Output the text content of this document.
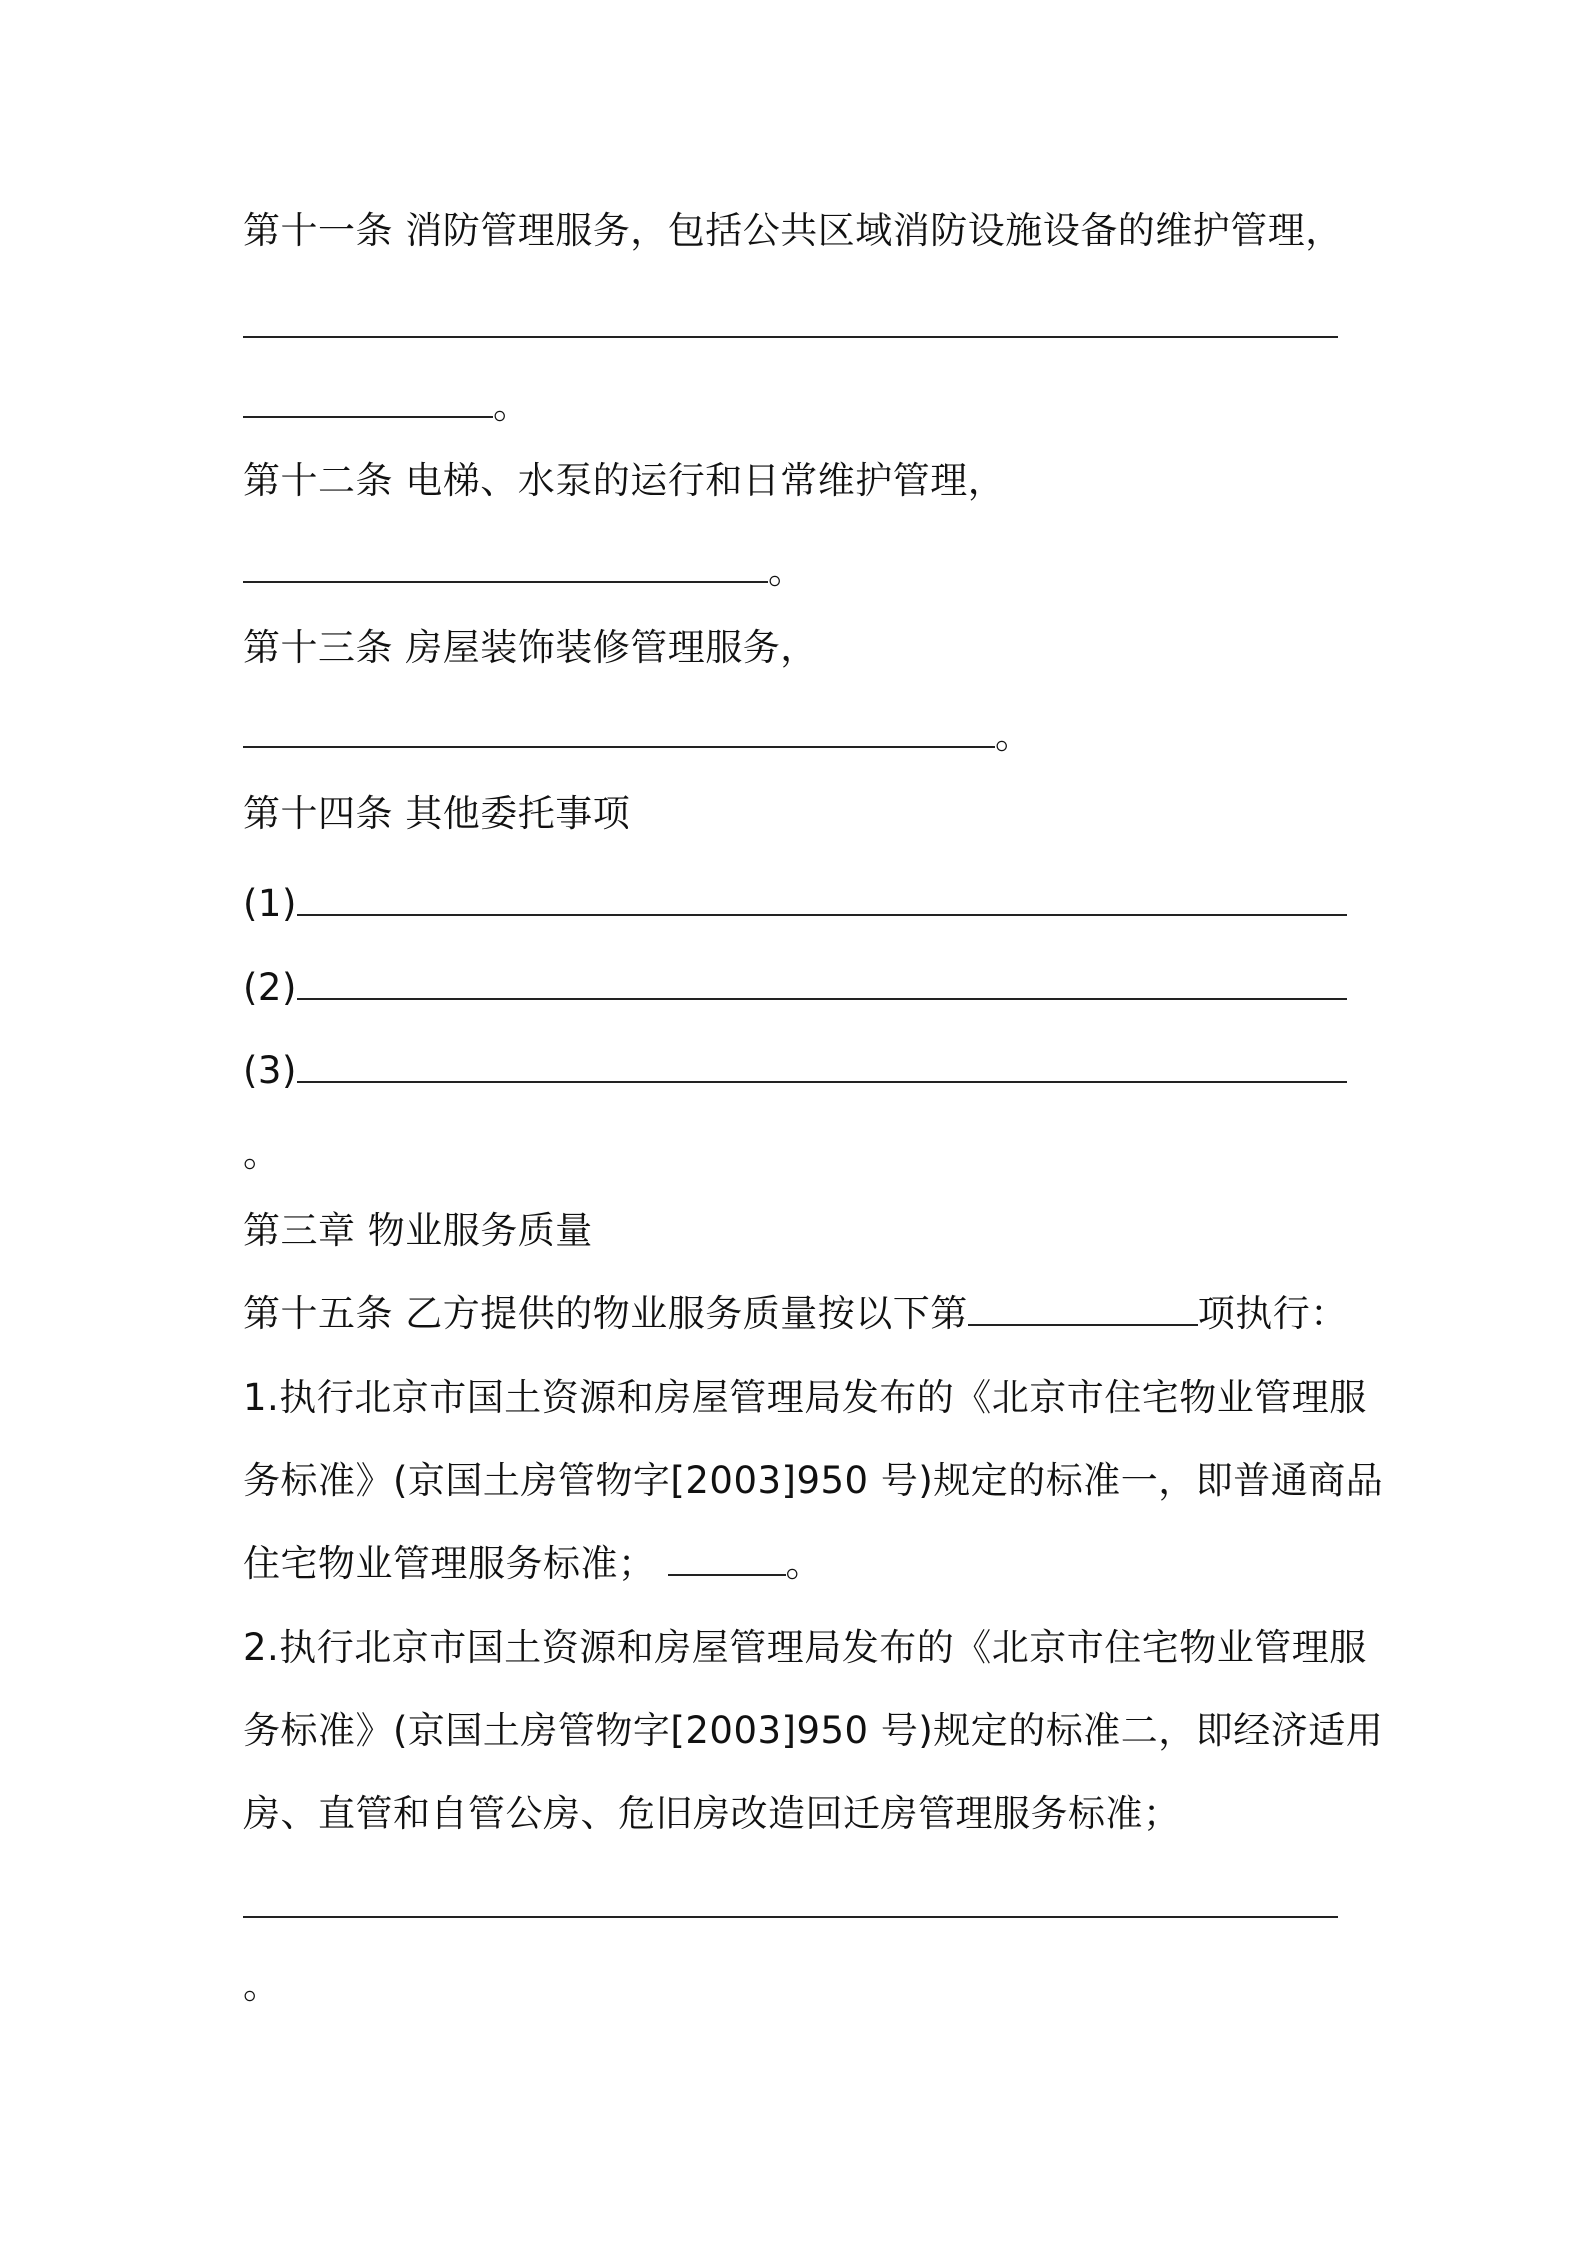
第十一条 消防管理服务，包括公共区域消防设施设备的维护管理，
。
第十二条 电梯、水泵的运行和日常维护管理，
。
第十三条 房屋装饰装修管理服务，
。
第十四条 其他委托事项
(1)
(2)
(3)
。
第三章 物业服务质量
第十五条 乙方提供的物业服务质量按以下第	项执行：
1.执行北京市国土资源和房屋管理局发布的《北京市住宅物业管理服
务标准》(京国土房管物字[2003]950 号)规定的标准一，即普通商品
住宅物业管理服务标准；	。
2.执行北京市国土资源和房屋管理局发布的《北京市住宅物业管理服
务标准》(京国土房管物字[2003]950 号)规定的标准二，即经济适用
房、直管和自管公房、危旧房改造回迁房管理服务标准；
。
